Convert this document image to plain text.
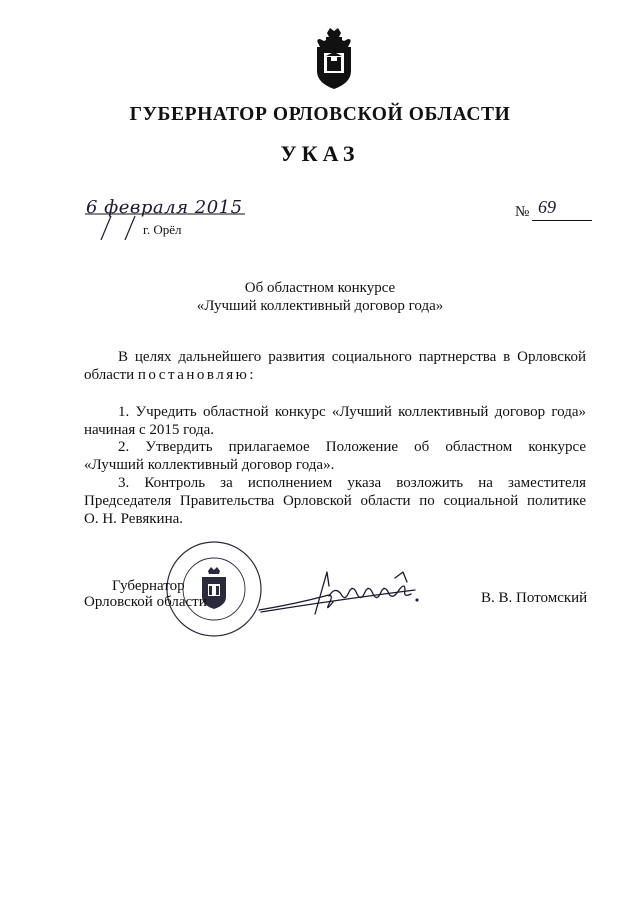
ГУБЕРНАТОР ОРЛОВСКОЙ ОБЛАСТИ
УКАЗ
6 февраля 2015
г. Орёл
№ 69
Об областном конкурсе
«Лучший коллективный договор года»
В целях дальнейшего развития социального партнерства в Орловской
области постановляю:
1. Учредить областной конкурс «Лучший коллективный договор года»
начиная с 2015 года.
2. Утвердить прилагаемое Положение об областном конкурсе
«Лучший коллективный договор года».
3. Контроль за исполнением указа возложить на заместителя
Председателя Правительства Орловской области по социальной политике
О. Н. Ревякина.
Губернатор
Орловской области	В. В. Потомский
